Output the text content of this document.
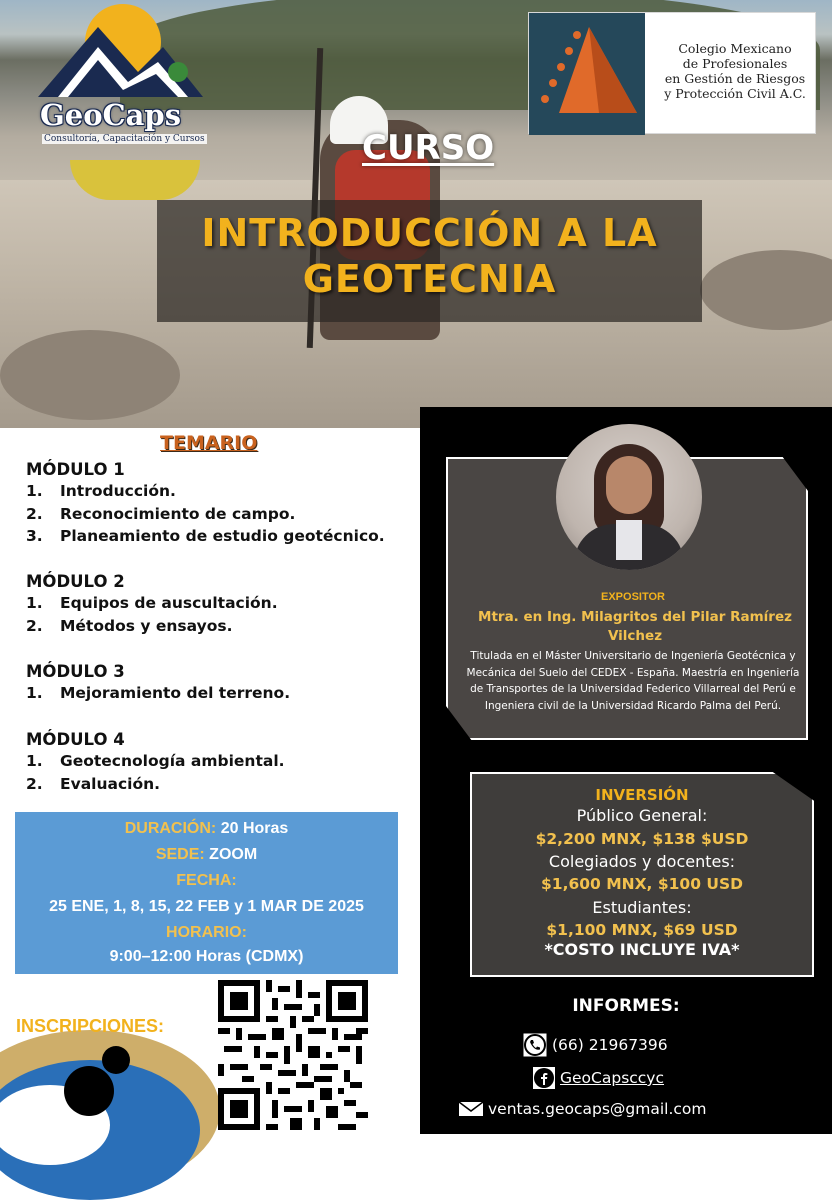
GeoCaps
Consultoría, Capacitación y Cursos
Colegio Mexicano
de Profesionales
en Gestión de Riesgos
y Protección Civil A.C.
CURSO
INTRODUCCIÓN A LA
GEOTECNIA
TEMARIO
MÓDULO 1
1.	Introducción.
2.	Reconocimiento de campo.
3.	Planeamiento de estudio geotécnico.
MÓDULO 2
1.	Equipos de auscultación.
2.	Métodos y ensayos.
MÓDULO 3
1.	Mejoramiento del terreno.
MÓDULO 4
1.	Geotecnología ambiental.
2.	Evaluación.
DURACIÓN: 20 Horas
SEDE: ZOOM
FECHA:
25 ENE, 1, 8, 15, 22 FEB y 1 MAR DE 2025
HORARIO:
9:00–12:00 Horas (CDMX)
INSCRIPCIONES:
EXPOSITOR
Mtra. en Ing. Milagritos del Pilar Ramírez Vilchez
Titulada en el Máster Universitario de Ingeniería Geotécnica y Mecánica del Suelo del CEDEX - España. Maestría en Ingeniería de Transportes de la Universidad Federico Villarreal del Perú e Ingeniera civil de la Universidad Ricardo Palma del Perú.
INVERSIÓN
Público General:
$2,200 MNX, $138 $USD
Colegiados y docentes:
$1,600 MNX, $100 USD
Estudiantes:
$1,100 MNX, $69 USD
*COSTO INCLUYE IVA*
INFORMES:
(66) 21967396
GeoCapsccyc
ventas.geocaps@gmail.com
